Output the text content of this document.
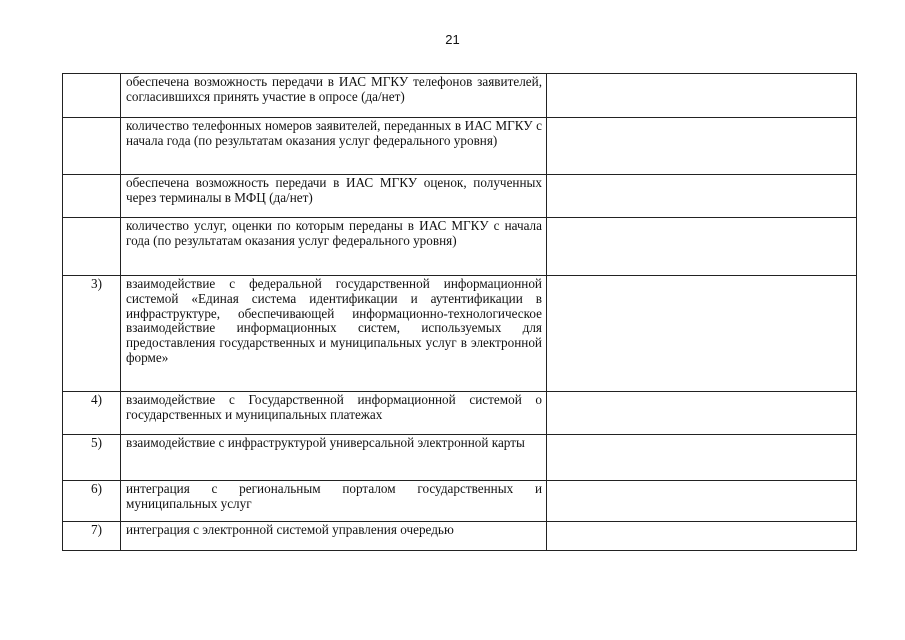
21
	обеспечена возможность передачи в ИАС МГКУ телефонов заявителей, согласившихся принять участие в опросе (да/нет)	
	количество телефонных номеров заявителей, переданных в ИАС МГКУ с начала года (по результатам оказания услуг федерального уровня)	
	обеспечена возможность передачи в ИАС МГКУ оценок, полученных через терминалы в МФЦ (да/нет)	
	количество услуг, оценки по которым переданы в ИАС МГКУ с начала года (по результатам оказания услуг федерального уровня)	
3)	взаимодействие с федеральной государственной информационной системой «Единая система идентификации и аутентификации в инфраструктуре, обеспечивающей информационно-технологическое взаимодействие информационных систем, используемых для предоставления государственных и муниципальных услуг в электронной форме»	
4)	взаимодействие с Государственной информационной системой о государственных и муниципальных платежах	
5)	взаимодействие с инфраструктурой универсальной электронной карты	
6)	интеграция с региональным порталом государственных и муниципальных услуг	
7)	интеграция с электронной системой управления очередью	
